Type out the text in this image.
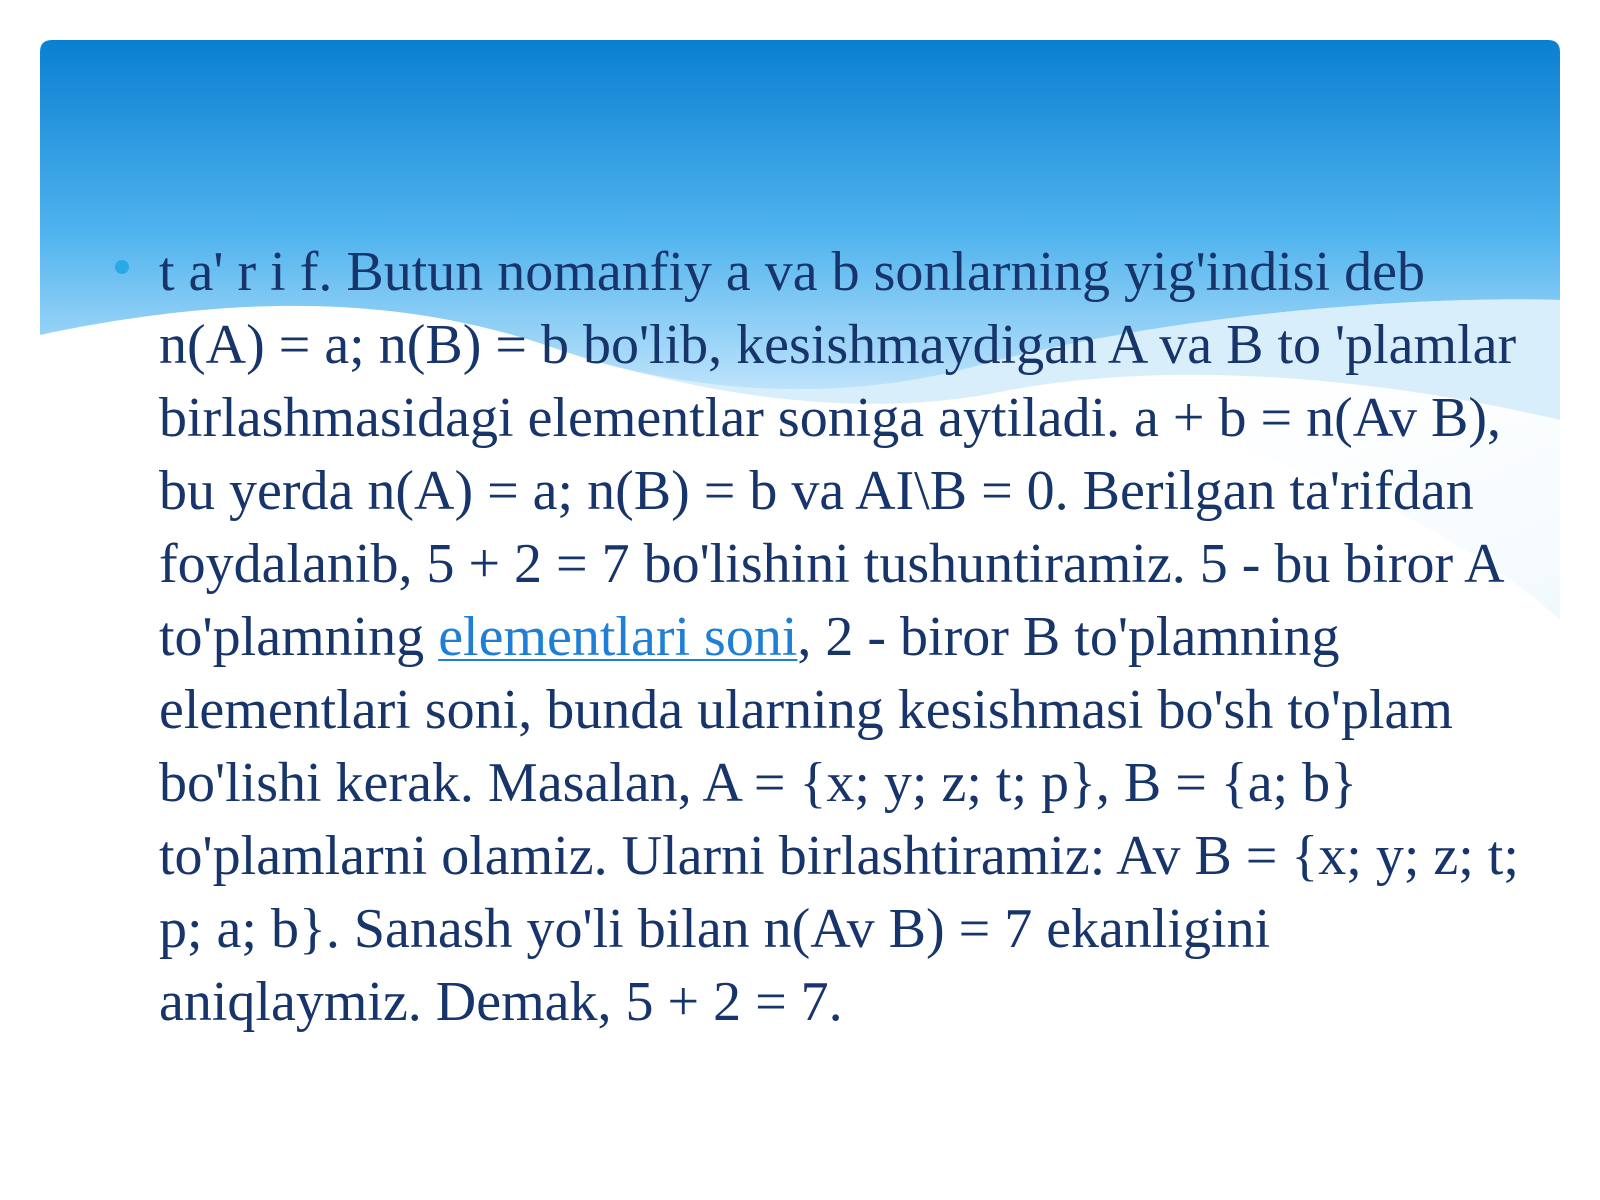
t a' r i f. Butun nomanfiy a va b sonlarning yig'indisi deb n(A) = a; n(B) = b bo'lib, kesishmaydigan A va B to 'plamlar birlashmasidagi elementlar soniga aytiladi. a + b = n(Av B), bu yerda n(A) = a; n(B) = b va AI\B = 0. Berilgan ta'rifdan foydalanib, 5 + 2 = 7 bo'lishini tushuntiramiz. 5 - bu biror A to'plamning elementlari soni, 2 - biror B to'plamning elementlari soni, bunda ularning kesishmasi bo'sh to'plam bo'lishi kerak. Masalan, A = {x; y; z; t; p}, B = {a; b} to'plamlarni olamiz. Ularni birlashtiramiz: Av B = {x; y; z; t; p; a; b}. Sanash yo'li bilan n(Av B) = 7 ekanligini aniqlaymiz. Demak, 5 + 2 = 7.
